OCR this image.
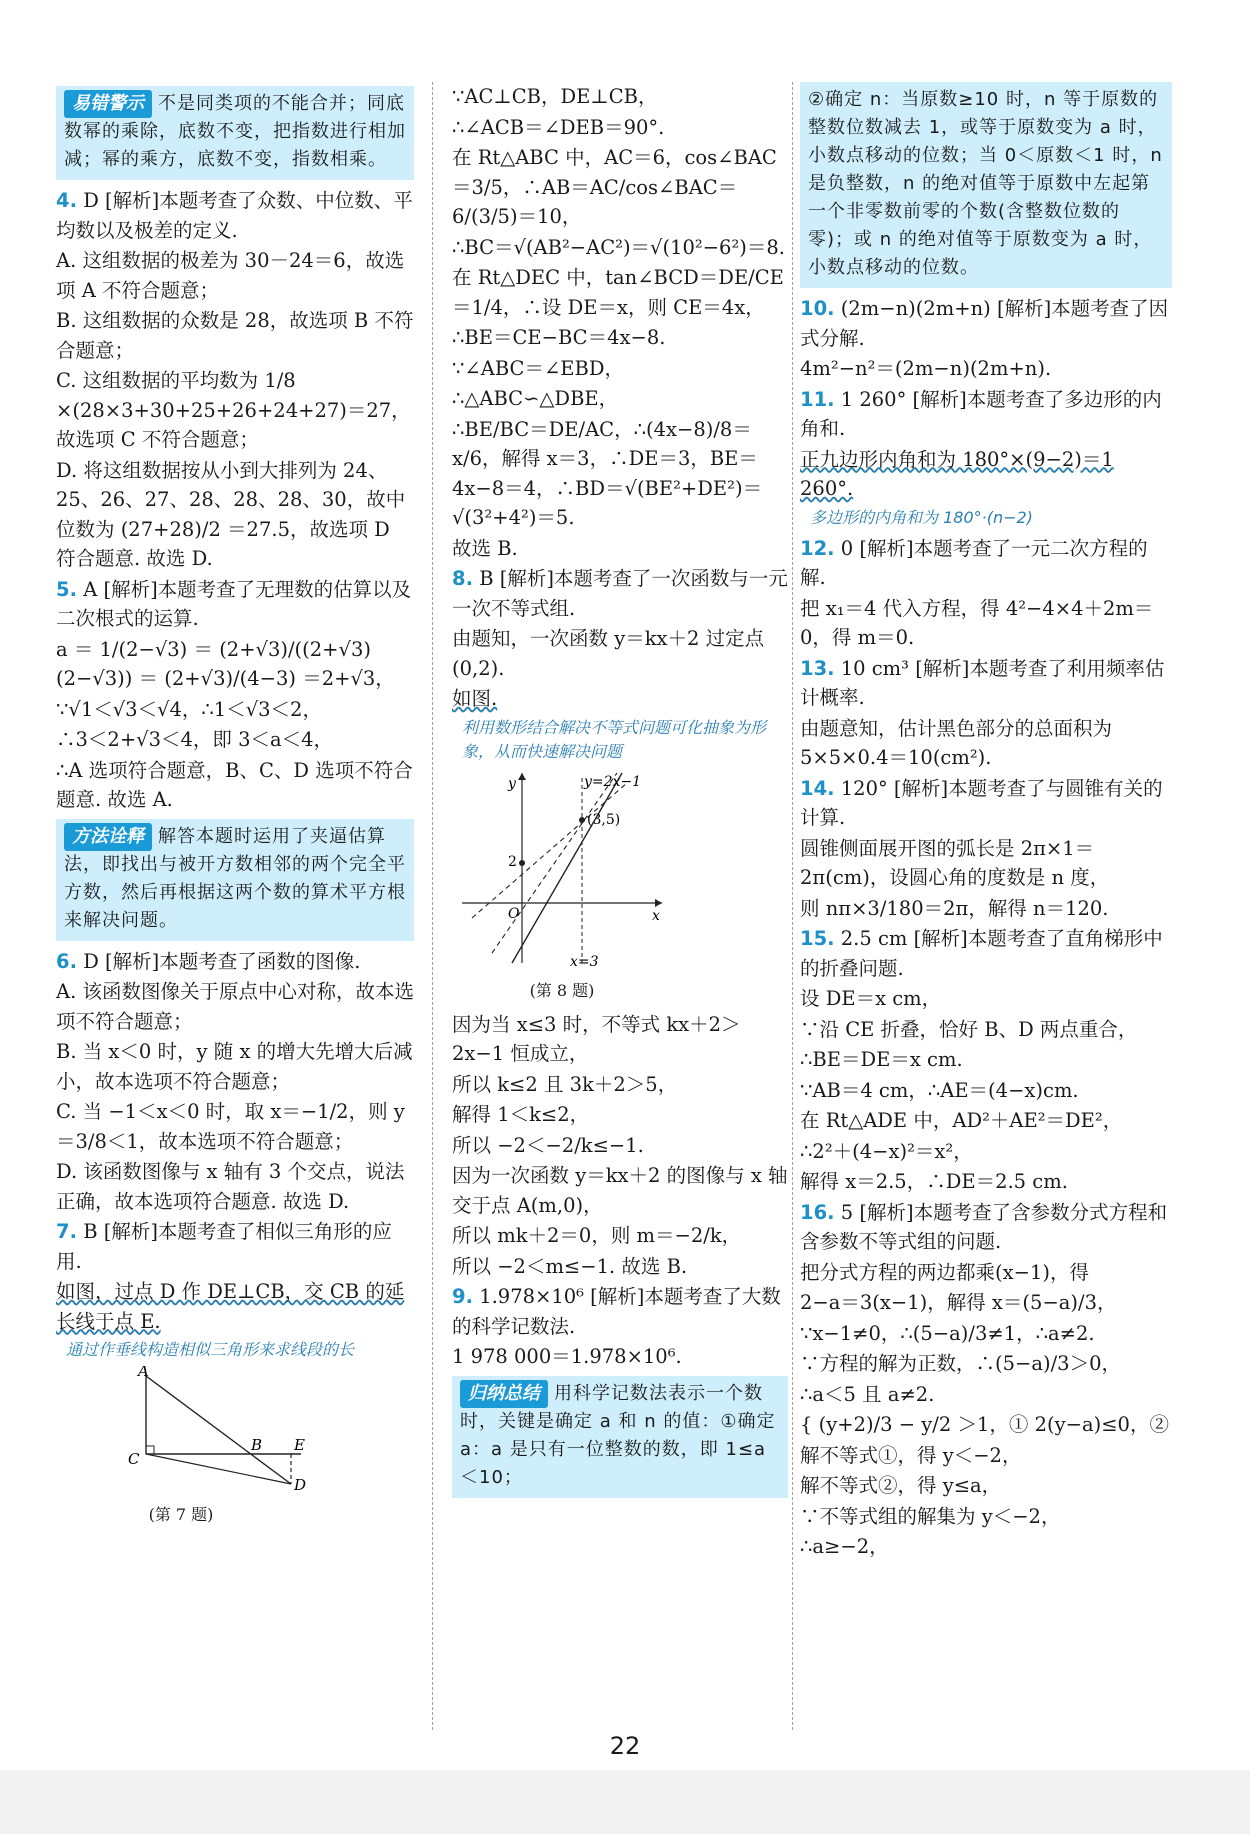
易错警示 不是同类项的不能合并；同底数幂的乘除，底数不变，把指数进行相加减；幂的乘方，底数不变，指数相乘。

4. D [解析]本题考查了众数、中位数、平均数以及极差的定义.

A. 这组数据的极差为 30－24＝6，故选项 A 不符合题意；

B. 这组数据的众数是 28，故选项 B 不符合题意；

C. 这组数据的平均数为 1/8 ×(28×3+30+25+26+24+27)＝27，故选项 C 不符合题意；

D. 将这组数据按从小到大排列为 24、25、26、27、28、28、28、30，故中位数为 (27+28)/2 ＝27.5，故选项 D 符合题意. 故选 D.

5. A [解析]本题考查了无理数的估算以及二次根式的运算.

a ＝ 1/(2−√3) ＝ (2+√3)/((2+√3)(2−√3)) ＝ (2+√3)/(4−3) ＝2+√3，

∵√1＜√3＜√4，∴1＜√3＜2，

∴3＜2+√3＜4，即 3＜a＜4，

∴A 选项符合题意，B、C、D 选项不符合题意. 故选 A.

方法诠释 解答本题时运用了夹逼估算法，即找出与被开方数相邻的两个完全平方数，然后再根据这两个数的算术平方根来解决问题。

6. D [解析]本题考查了函数的图像.

A. 该函数图像关于原点中心对称，故本选项不符合题意；

B. 当 x＜0 时，y 随 x 的增大先增大后减小，故本选项不符合题意；

C. 当 −1＜x＜0 时，取 x＝−1/2，则 y＝3/8＜1，故本选项不符合题意；

D. 该函数图像与 x 轴有 3 个交点，说法正确，故本选项符合题意. 故选 D.

7. B [解析]本题考查了相似三角形的应用.

如图，过点 D 作 DE⊥CB，交 CB 的延长线于点 E.

通过作垂线构造相似三角形来求线段的长

A
C
B E
D
(第 7 题)

∵AC⊥CB，DE⊥CB，

∴∠ACB＝∠DEB＝90°.

在 Rt△ABC 中，AC＝6，cos∠BAC＝3/5，∴AB＝AC/cos∠BAC＝6/(3/5)＝10，

∴BC＝√(AB²−AC²)＝√(10²−6²)＝8.

在 Rt△DEC 中，tan∠BCD＝DE/CE＝1/4，∴设 DE＝x，则 CE＝4x，

∴BE＝CE−BC＝4x−8.

∵∠ABC＝∠EBD，

∴△ABC∽△DBE，

∴BE/BC＝DE/AC，∴(4x−8)/8＝x/6，解得 x＝3，∴DE＝3，BE＝4x−8＝4，∴BD＝√(BE²+DE²)＝√(3²+4²)＝5.

故选 B.

8. B [解析]本题考查了一次函数与一元一次不等式组.

由题知，一次函数 y＝kx＋2 过定点(0,2).

如图.

利用数形结合解决不等式问题可化抽象为形象，从而快速解决问题

y=2x−1
(3,5)
y
x
O
2
x=3
(第 8 题)

因为当 x≤3 时，不等式 kx＋2＞2x−1 恒成立，

所以 k≤2 且 3k＋2＞5，

解得 1＜k≤2，

所以 −2＜−2/k≤−1.

因为一次函数 y＝kx＋2 的图像与 x 轴交于点 A(m,0)，

所以 mk＋2＝0，则 m＝−2/k，

所以 −2＜m≤−1. 故选 B.

9. 1.978×10⁶ [解析]本题考查了大数的科学记数法.

1 978 000＝1.978×10⁶.

归纳总结 用科学记数法表示一个数时，关键是确定 a 和 n 的值：①确定 a：a 是只有一位整数的数，即 1≤a＜10；
②确定 n：当原数≥10 时，n 等于原数的整数位数减去 1，或等于原数变为 a 时，小数点移动的位数；当 0＜原数＜1 时，n 是负整数，n 的绝对值等于原数中左起第一个非零数前零的个数(含整数位数的零)；或 n 的绝对值等于原数变为 a 时，小数点移动的位数。

10. (2m−n)(2m+n) [解析]本题考查了因式分解.

4m²−n²＝(2m−n)(2m+n).

11. 1 260° [解析]本题考查了多边形的内角和.

正九边形内角和为 180°×(9−2)＝1 260°.

多边形的内角和为 180°·(n−2)

12. 0 [解析]本题考查了一元二次方程的解.

把 x₁＝4 代入方程，得 4²−4×4＋2m＝0，得 m＝0.

13. 10 cm³ [解析]本题考查了利用频率估计概率.

由题意知，估计黑色部分的总面积为 5×5×0.4＝10(cm²).

14. 120° [解析]本题考查了与圆锥有关的计算.

圆锥侧面展开图的弧长是 2π×1＝2π(cm)，设圆心角的度数是 n 度，

则 nπ×3/180＝2π，解得 n＝120.

15. 2.5 cm [解析]本题考查了直角梯形中的折叠问题.

设 DE＝x cm，

∵沿 CE 折叠，恰好 B、D 两点重合，

∴BE＝DE＝x cm.

∵AB＝4 cm，∴AE＝(4−x)cm.

在 Rt△ADE 中，AD²＋AE²＝DE²，

∴2²＋(4−x)²＝x²，

解得 x＝2.5，∴DE＝2.5 cm.

16. 5 [解析]本题考查了含参数分式方程和含参数不等式组的问题.

把分式方程的两边都乘(x−1)，得

2−a＝3(x−1)，解得 x＝(5−a)/3，

∵x−1≠0，∴(5−a)/3≠1，∴a≠2.

∵方程的解为正数，∴(5−a)/3＞0，

∴a＜5 且 a≠2.

{ (y+2)/3 − y/2 ＞1，① 2(y−a)≤0，②

解不等式①，得 y＜−2，

解不等式②，得 y≤a，

∵不等式组的解集为 y＜−2，

∴a≥−2，

22
